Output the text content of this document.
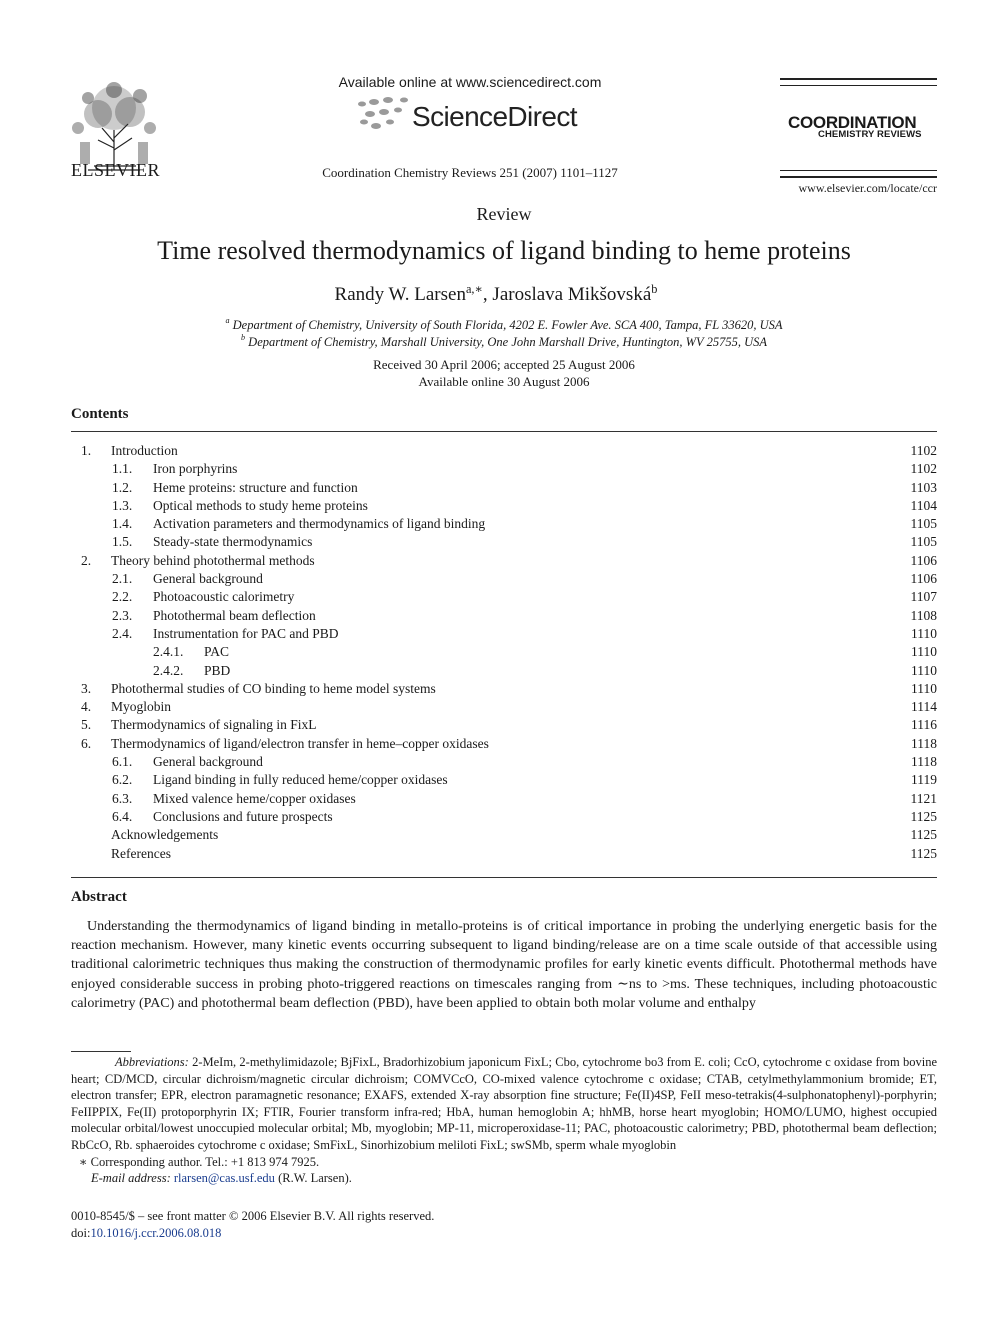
ELSEVIER
Available online at www.sciencedirect.com
ScienceDirect
Coordination Chemistry Reviews 251 (2007) 1101–1127
COORDINATION
CHEMISTRY REVIEWS
www.elsevier.com/locate/ccr
Review
Time resolved thermodynamics of ligand binding to heme proteins
Randy W. Larsen$^{a,∗}$, Jaroslava Mikšovská$^b$
$^a$ Department of Chemistry, University of South Florida, 4202 E. Fowler Ave. SCA 400, Tampa, FL 33620, USA
$^b$ Department of Chemistry, Marshall University, One John Marshall Drive, Huntington, WV 25755, USA
Received 30 April 2006; accepted 25 August 2006
Available online 30 August 2006
Contents
1. Introduction . . .	1102
1.1. Iron porphyrins . . .	1102
1.2. Heme proteins: structure and function . . .	1103
1.3. Optical methods to study heme proteins . . .	1104
1.4. Activation parameters and thermodynamics of ligand binding . . .	1105
1.5. Steady-state thermodynamics . . .	1105
2. Theory behind photothermal methods . . .	1106
2.1. General background . . .	1106
2.2. Photoacoustic calorimetry . . .	1107
2.3. Photothermal beam deflection . . .	1108
2.4. Instrumentation for PAC and PBD . . .	1110
2.4.1. PAC . . .	1110
2.4.2. PBD . . .	1110
3. Photothermal studies of CO binding to heme model systems . . .	1110
4. Myoglobin . . .	1114
5. Thermodynamics of signaling in FixL . . .	1116
6. Thermodynamics of ligand/electron transfer in heme–copper oxidases . . .	1118
6.1. General background . . .	1118
6.2. Ligand binding in fully reduced heme/copper oxidases . . .	1119
6.3. Mixed valence heme/copper oxidases . . .	1121
6.4. Conclusions and future prospects . . .	1125
Acknowledgements . . .	1125
References . . .	1125
Abstract
Understanding the thermodynamics of ligand binding in metallo-proteins is of critical importance in probing the underlying energetic basis for the reaction mechanism. However, many kinetic events occurring subsequent to ligand binding/release are on a time scale outside of that accessible using traditional calorimetric techniques thus making the construction of thermodynamic profiles for early kinetic events difficult. Photothermal methods have enjoyed considerable success in probing photo-triggered reactions on timescales ranging from ∼ns to >ms. These techniques, including photoacoustic calorimetry (PAC) and photothermal beam deflection (PBD), have been applied to obtain both molar volume and enthalpy

Abbreviations: 2-MeIm, 2-methylimidazole; BjFixL, Bradorhizobium japonicum FixL; Cbo, cytochrome bo3 from E. coli; CcO, cytochrome c oxidase from bovine heart; CD/MCD, circular dichroism/magnetic circular dichroism; COMVCcO, CO-mixed valence cytochrome c oxidase; CTAB, cetylmethylammonium bromide; ET, electron transfer; EPR, electron paramagnetic resonance; EXAFS, extended X-ray absorption fine structure; Fe(II)4SP, FeII meso-tetrakis(4-sulphonatophenyl)-porphyrin; FeIIPPIX, Fe(II) protoporphyrin IX; FTIR, Fourier transform infra-red; HbA, human hemoglobin A; hhMB, horse heart myoglobin; HOMO/LUMO, highest occupied molecular orbital/lowest unoccupied molecular orbital; Mb, myoglobin; MP-11, microperoxidase-11; PAC, photoacoustic calorimetry; PBD, photothermal beam deflection; RbCcO, Rb. sphaeroides cytochrome c oxidase; SmFixL, Sinorhizobium meliloti FixL; swSMb, sperm whale myoglobin

∗ Corresponding author. Tel.: +1 813 974 7925.

E-mail address: rlarsen@cas.usf.edu (R.W. Larsen).

0010-8545/$ – see front matter © 2006 Elsevier B.V. All rights reserved.
doi:10.1016/j.ccr.2006.08.018
